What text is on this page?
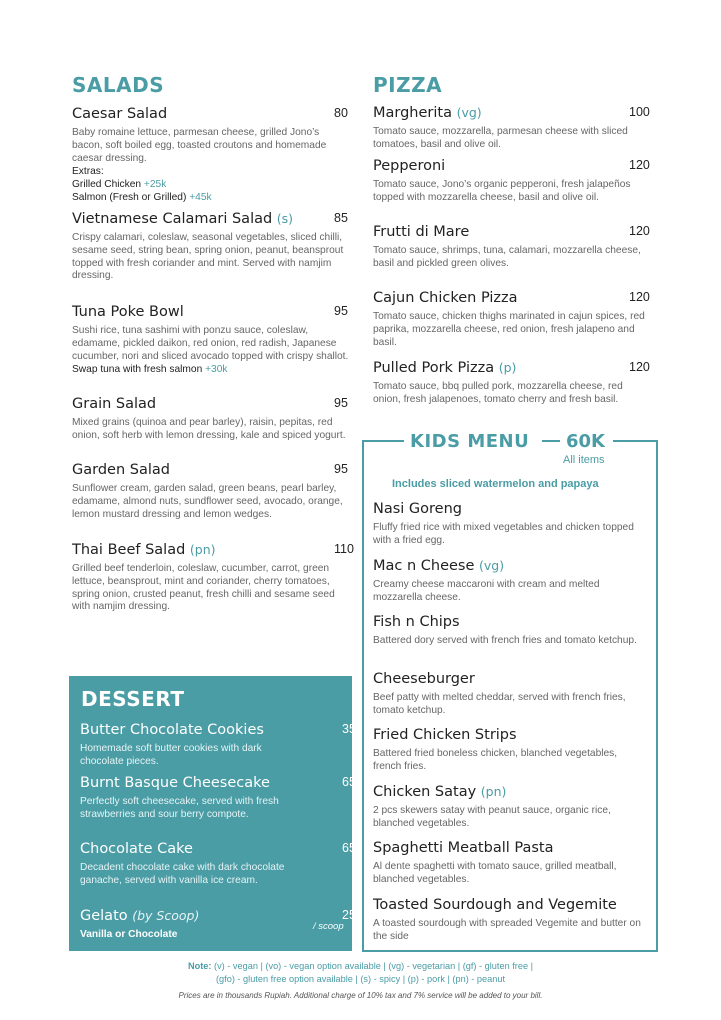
SALADS
Caesar Salad	80
Baby romaine lettuce, parmesan cheese, grilled Jono’s bacon, soft boiled egg, toasted croutons and homemade caesar dressing.
Extras:
Grilled Chicken +25k
Salmon (Fresh or Grilled) +45k
Vietnamese Calamari Salad (s)	85
Crispy calamari, coleslaw, seasonal vegetables, sliced chilli, sesame seed, string bean, spring onion, peanut, beansprout topped with fresh coriander and mint. Served with namjim dressing.
Tuna Poke Bowl	95
Sushi rice, tuna sashimi with ponzu sauce, coleslaw, edamame, pickled daikon, red onion, red radish, Japanese cucumber, nori and sliced avocado topped with crispy shallot.
Swap tuna with fresh salmon +30k
Grain Salad	95
Mixed grains (quinoa and pear barley), raisin, pepitas, red onion, soft herb with lemon dressing, kale and spiced yogurt.
Garden Salad	95
Sunflower cream, garden salad, green beans, pearl barley, edamame, almond nuts, sundflower seed, avocado, orange, lemon mustard dressing and lemon wedges.
Thai Beef Salad (pn)	110
Grilled beef tenderloin, coleslaw, cucumber, carrot, green lettuce, beansprout, mint and coriander, cherry tomatoes, spring onion, crusted peanut, fresh chilli and sesame seed with namjim dressing.
PIZZA
Margherita (vg)	100
Tomato sauce, mozzarella, parmesan cheese with sliced tomatoes, basil and olive oil.
Pepperoni	120
Tomato sauce, Jono’s organic pepperoni, fresh jalapeños topped with mozzarella cheese, basil and olive oil.
Frutti di Mare	120
Tomato sauce, shrimps, tuna, calamari, mozzarella cheese, basil and pickled green olives.
Cajun Chicken Pizza	120
Tomato sauce, chicken thighs marinated in cajun spices, red paprika, mozzarella cheese, red onion, fresh jalapeno and basil.
Pulled Pork Pizza (p)	120
Tomato sauce, bbq pulled pork, mozzarella cheese, red onion, fresh jalapenoes, tomato cherry and fresh basil.
KIDS MENU 60K
All items
Includes sliced watermelon and papaya
Nasi Goreng
Fluffy fried rice with mixed vegetables and chicken topped with a fried egg.
Mac n Cheese (vg)
Creamy cheese maccaroni with cream and melted mozzarella cheese.
Fish n Chips
Battered dory served with french fries and tomato ketchup.
Cheeseburger
Beef patty with melted cheddar, served with french fries, tomato ketchup.
Fried Chicken Strips
Battered fried boneless chicken, blanched vegetables, french fries.
Chicken Satay (pn)
2 pcs skewers satay with peanut sauce, organic rice, blanched vegetables.
Spaghetti Meatball Pasta
Al dente spaghetti with tomato sauce, grilled meatball, blanched vegetables.
Toasted Sourdough and Vegemite
A toasted sourdough with spreaded Vegemite and butter on the side
DESSERT
Butter Chocolate Cookies	35
Homemade soft butter cookies with dark chocolate pieces.
Burnt Basque Cheesecake	65
Perfectly soft cheesecake, served with fresh strawberries and sour berry compote.
Chocolate Cake	65
Decadent chocolate cake with dark chocolate ganache, served with vanilla ice cream.
Gelato (by Scoop)	25
/ scoop
Vanilla or Chocolate
Note: (v) - vegan | (vo) - vegan option available | (vg) - vegetarian | (gf) - gluten free |
(gfo) - gluten free option available | (s) - spicy | (p) - pork | (pn) - peanut
Prices are in thousands Rupiah. Additional charge of 10% tax and 7% service will be added to your bill.
